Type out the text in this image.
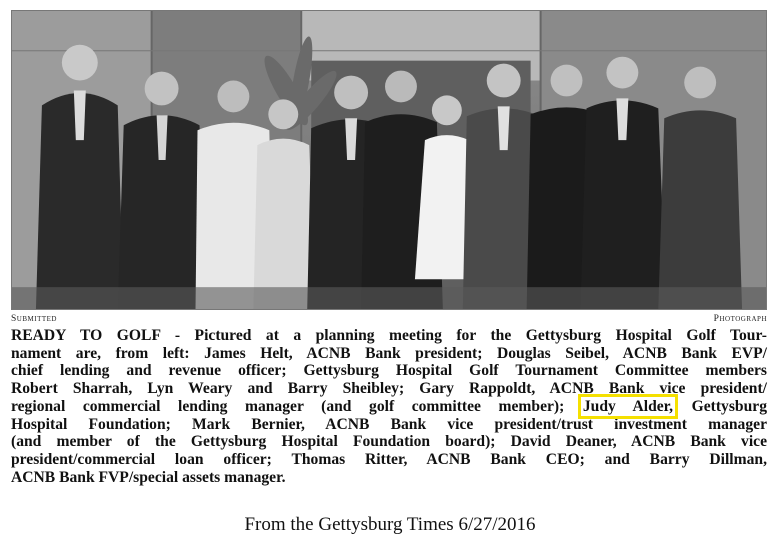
Submitted	Photograph
READY TO GOLF - Pictured at a planning meeting for the Gettysburg Hospital Golf Tour-
nament are, from left: James Helt, ACNB Bank president; Douglas Seibel, ACNB Bank EVP/
chief lending and revenue officer; Gettysburg Hospital Golf Tournament Committee members
Robert Sharrah, Lyn Weary and Barry Sheibley; Gary Rappoldt, ACNB Bank vice president/
regional commercial lending manager (and golf committee member); Judy Alder, Gettysburg
Hospital Foundation; Mark Bernier, ACNB Bank vice president/trust investment manager
(and member of the Gettysburg Hospital Foundation board); David Deaner, ACNB Bank vice
president/commercial loan officer; Thomas Ritter, ACNB Bank CEO; and Barry Dillman,
ACNB Bank FVP/special assets manager.
From the Gettysburg Times 6/27/2016
